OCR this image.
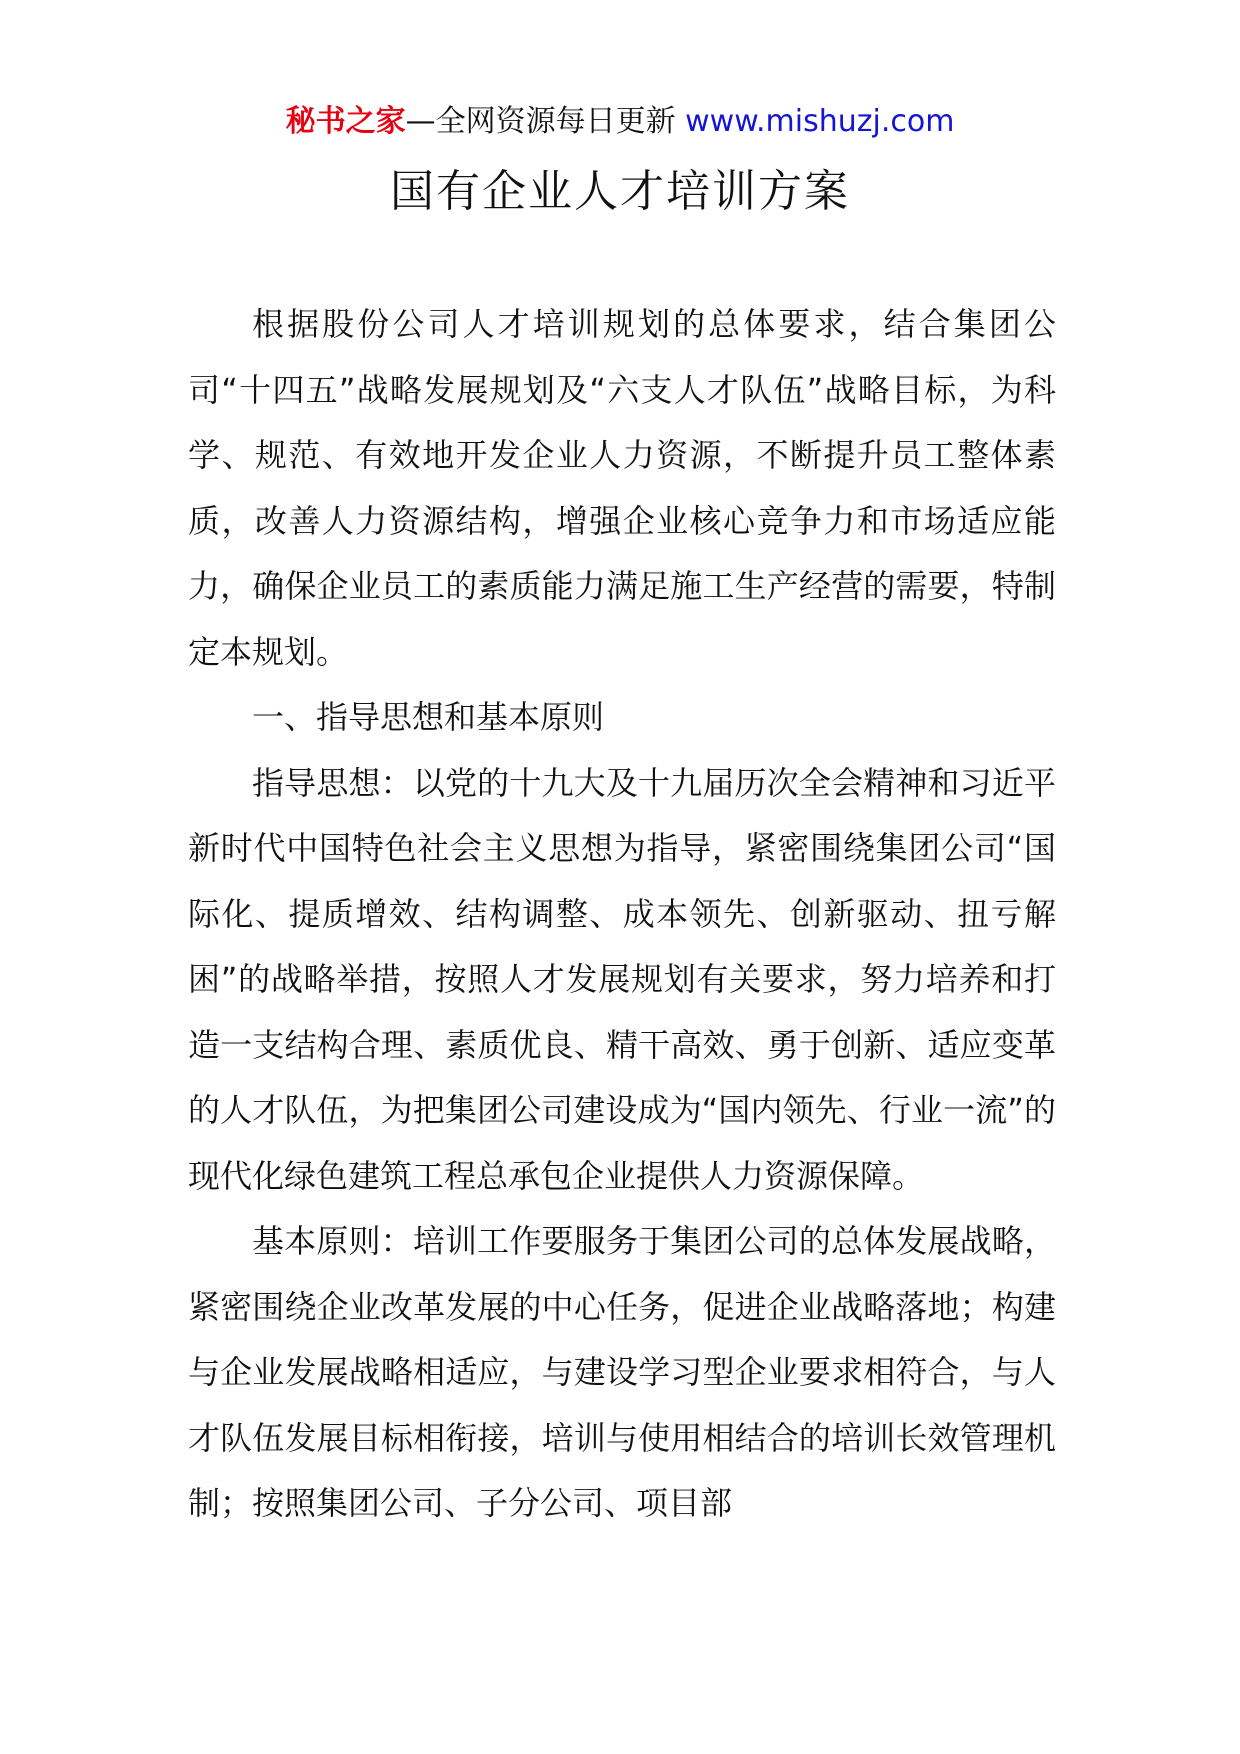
秘书之家—全网资源每日更新 www.mishuzj.com
国有企业人才培训方案

根据股份公司人才培训规划的总体要求，结合集团公司“十四五”战略发展规划及“六支人才队伍”战略目标，为科学、规范、有效地开发企业人力资源，不断提升员工整体素质，改善人力资源结构，增强企业核心竞争力和市场适应能力，确保企业员工的素质能力满足施工生产经营的需要，特制定本规划。

一、指导思想和基本原则

指导思想：以党的十九大及十九届历次全会精神和习近平新时代中国特色社会主义思想为指导，紧密围绕集团公司“国际化、提质增效、结构调整、成本领先、创新驱动、扭亏解困”的战略举措，按照人才发展规划有关要求，努力培养和打造一支结构合理、素质优良、精干高效、勇于创新、适应变革的人才队伍，为把集团公司建设成为“国内领先、行业一流”的现代化绿色建筑工程总承包企业提供人力资源保障。

基本原则：培训工作要服务于集团公司的总体发展战略，紧密围绕企业改革发展的中心任务，促进企业战略落地；构建与企业发展战略相适应，与建设学习型企业要求相符合，与人才队伍发展目标相衔接，培训与使用相结合的培训长效管理机制；按照集团公司、子分公司、项目部
